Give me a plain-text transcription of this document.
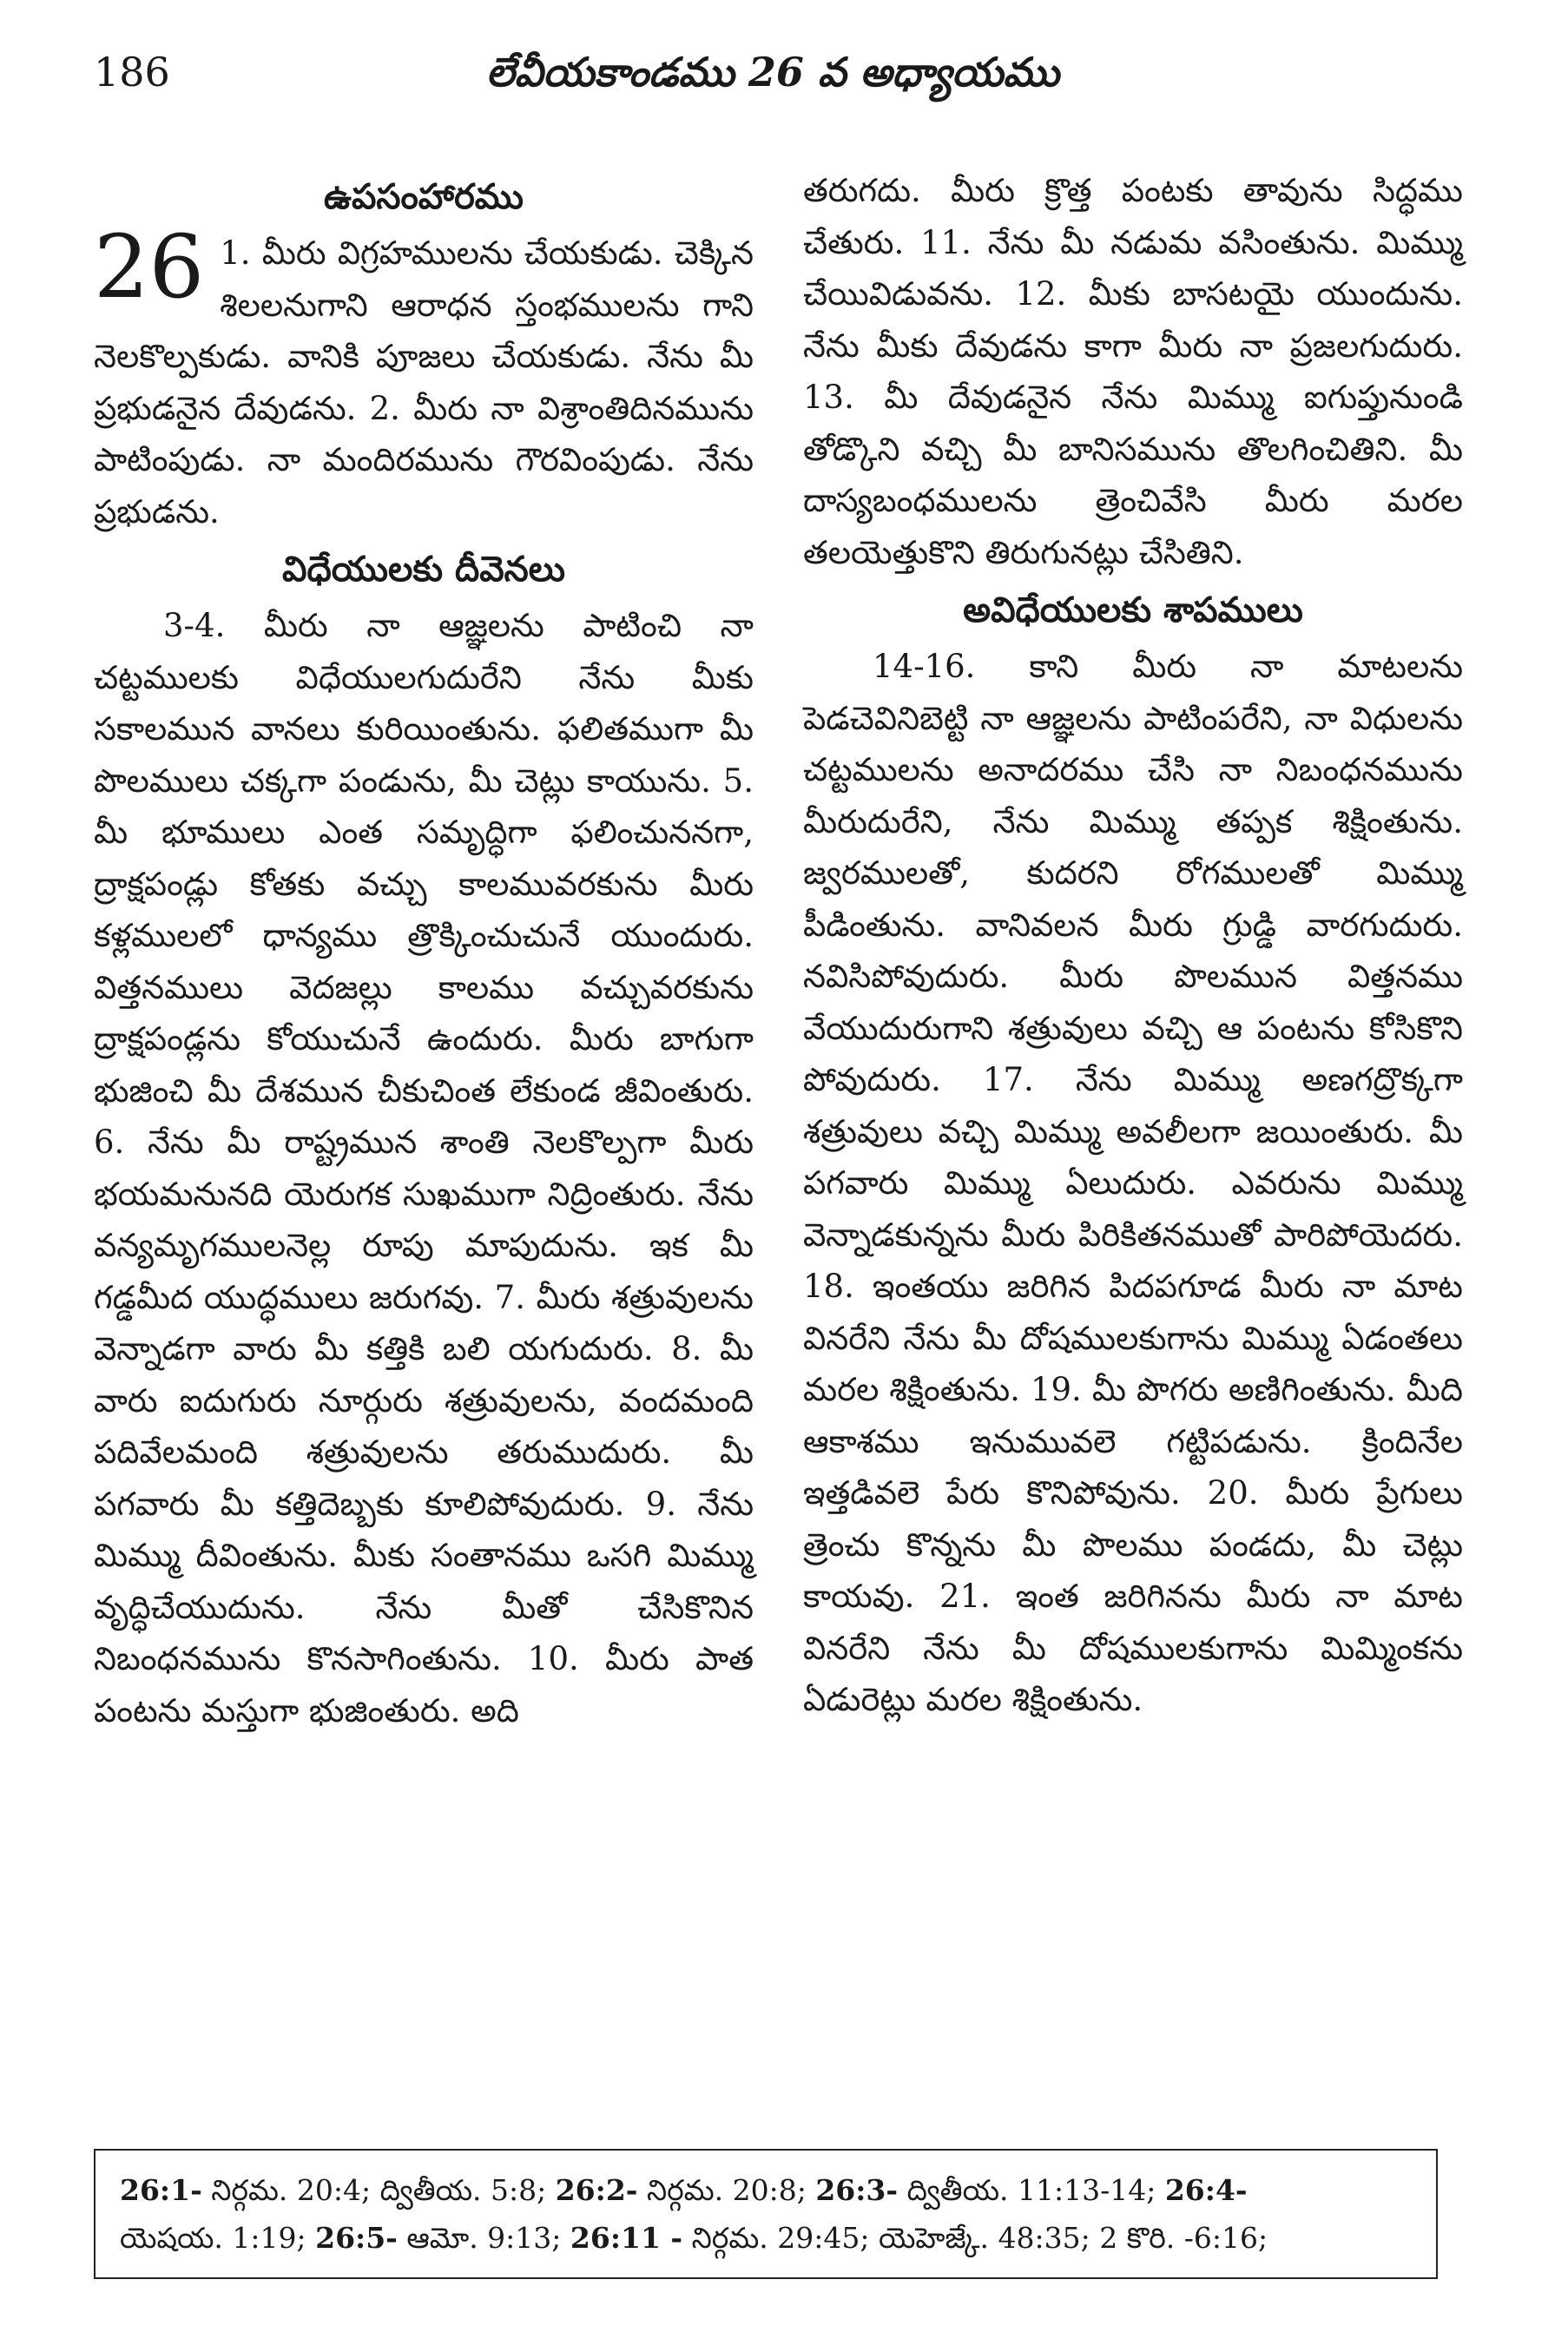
186	లేవీయకాండము 26 వ అధ్యాయము
ఉపసంహారము

26 1. మీరు విగ్రహములను చేయకుడు. చెక్కిన శిలలనుగాని ఆరాధన స్తంభములను గాని నెలకొల్పకుడు. వానికి పూజలు చేయకుడు. నేను మీ ప్రభుడనైన దేవుడను. 2. మీరు నా విశ్రాంతిదినమును పాటింపుడు. నా మందిరమును గౌరవింపుడు. నేను ప్రభుడను.

విధేయులకు దీవెనలు

3-4. మీరు నా ఆజ్ఞలను పాటించి నా చట్టములకు విధేయులగుదురేని నేను మీకు సకాలమున వానలు కురియింతును. ఫలితముగా మీ పొలములు చక్కగా పండును, మీ చెట్లు కాయును. 5. మీ భూములు ఎంత సమృద్ధిగా ఫలించుననగా, ద్రాక్షపండ్లు కోతకు వచ్చు కాలమువరకును మీరు కళ్లములలో ధాన్యము త్రొక్కించుచునే యుందురు. విత్తనములు వెదజల్లు కాలము వచ్చువరకును ద్రాక్షపండ్లను కోయుచునే ఉందురు. మీరు బాగుగా భుజించి మీ దేశమున చీకుచింత లేకుండ జీవింతురు. 6. నేను మీ రాష్ట్రమున శాంతి నెలకొల్పగా మీరు భయమనునది యెరుగక సుఖముగా నిద్రింతురు. నేను వన్యమృగములనెల్ల రూపు మాపుదును. ఇక మీ గడ్డమీద యుద్ధములు జరుగవు. 7. మీరు శత్రువులను వెన్నాడగా వారు మీ కత్తికి బలి యగుదురు. 8. మీ వారు ఐదుగురు నూర్గురు శత్రువులను, వందమంది పదివేలమంది శత్రువులను తరుముదురు. మీ పగవారు మీ కత్తిదెబ్బకు కూలిపోవుదురు. 9. నేను మిమ్ము దీవింతును. మీకు సంతానము ఒసగి మిమ్ము వృద్ధిచేయుదును. నేను మీతో చేసికొనిన నిబంధనమును కొనసాగింతును. 10. మీరు పాత పంటను మస్తుగా భుజింతురు. అది

తరుగదు. మీరు క్రొత్త పంటకు తావును సిద్ధము చేతురు. 11. నేను మీ నడుమ వసింతును. మిమ్ము చేయివిడువను. 12. మీకు బాసటయై యుందును. నేను మీకు దేవుడను కాగా మీరు నా ప్రజలగుదురు. 13. మీ దేవుడనైన నేను మిమ్ము ఐగుప్తునుండి తోడ్కొని వచ్చి మీ బానిసమును తొలగించితిని. మీ దాస్యబంధములను త్రెంచివేసి మీరు మరల తలయెత్తుకొని తిరుగునట్లు చేసితిని.

అవిధేయులకు శాపములు

14-16. కాని మీరు నా మాటలను పెడచెవినిబెట్టి నా ఆజ్ఞలను పాటింపరేని, నా విధులను చట్టములను అనాదరము చేసి నా నిబంధనమును మీరుదురేని, నేను మిమ్ము తప్పక శిక్షింతును. జ్వరములతో, కుదరని రోగములతో మిమ్ము పీడింతును. వానివలన మీరు గ్రుడ్డి వారగుదురు. నవిసిపోవుదురు. మీరు పొలమున విత్తనము వేయుదురుగాని శత్రువులు వచ్చి ఆ పంటను కోసికొని పోవుదురు. 17. నేను మిమ్ము అణగద్రొక్కగా శత్రువులు వచ్చి మిమ్ము అవలీలగా జయింతురు. మీ పగవారు మిమ్ము ఏలుదురు. ఎవరును మిమ్ము వెన్నాడకున్నను మీరు పిరికితనముతో పారిపోయెదరు. 18. ఇంతయు జరిగిన పిదపగూడ మీరు నా మాట వినరేని నేను మీ దోషములకుగాను మిమ్ము ఏడంతలు మరల శిక్షింతును. 19. మీ పొగరు అణిగింతును. మీది ఆకాశము ఇనుమువలె గట్టిపడును. క్రిందినేల ఇత్తడివలె పేరు కొనిపోవును. 20. మీరు ప్రేగులు త్రెంచు కొన్నను మీ పొలము పండదు, మీ చెట్లు కాయవు. 21. ఇంత జరిగినను మీరు నా మాట వినరేని నేను మీ దోషములకుగాను మిమ్మింకను ఏడురెట్లు మరల శిక్షింతును.

26:1- నిర్గమ. 20:4; ద్వితీయ. 5:8; 26:2- నిర్గమ. 20:8; 26:3- ద్వితీయ. 11:13-14; 26:4-
యెషయ. 1:19; 26:5- ఆమో. 9:13; 26:11 - నిర్గమ. 29:45; యెహెజ్కే. 48:35; 2 కొరి. -6:16;
